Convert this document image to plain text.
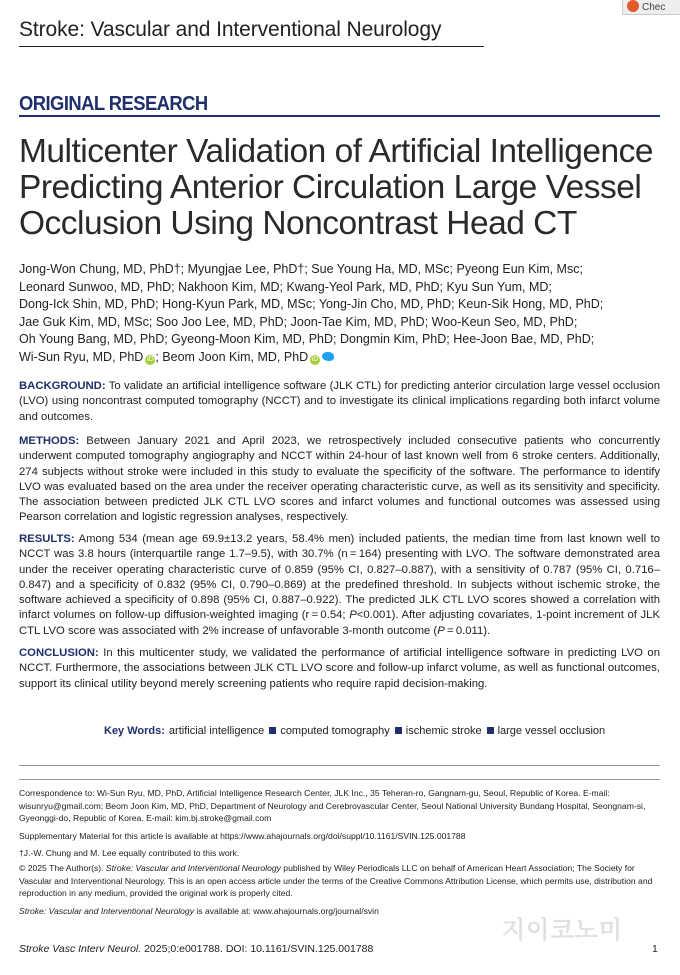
Stroke: Vascular and Interventional Neurology
Chec
ORIGINAL RESEARCH
Multicenter Validation of Artificial Intelligence Predicting Anterior Circulation Large Vessel Occlusion Using Noncontrast Head CT

Jong-Won Chung, MD, PhD†; Myungjae Lee, PhD†; Sue Young Ha, MD, MSc; Pyeong Eun Kim, Msc;
Leonard Sunwoo, MD, PhD; Nakhoon Kim, MD; Kwang-Yeol Park, MD, PhD; Kyu Sun Yum, MD;
Dong-Ick Shin, MD, PhD; Hong-Kyun Park, MD, MSc; Yong-Jin Cho, MD, PhD; Keun-Sik Hong, MD, PhD;
Jae Guk Kim, MD, MSc; Soo Joo Lee, MD, PhD; Joon-Tae Kim, MD, PhD; Woo-Keun Seo, MD, PhD;
Oh Young Bang, MD, PhD; Gyeong-Moon Kim, MD, PhD; Dongmin Kim, PhD; Hee-Joon Bae, MD, PhD;
Wi-Sun Ryu, MD, PhD iD ; Beom Joon Kim, MD, PhD iD

BACKGROUND: To validate an artificial intelligence software (JLK CTL) for predicting anterior circulation large vessel occlusion (LVO) using noncontrast computed tomography (NCCT) and to investigate its clinical implications regarding both infarct volume and outcomes.

METHODS: Between January 2021 and April 2023, we retrospectively included consecutive patients who concurrently underwent computed tomography angiography and NCCT within 24-hour of last known well from 6 stroke centers. Additionally, 274 subjects without stroke were included in this study to evaluate the specificity of the software. The performance to identify LVO was evaluated based on the area under the receiver operating characteristic curve, as well as its sensitivity and specificity. The association between predicted JLK CTL LVO scores and infarct volumes and functional outcomes was assessed using Pearson correlation and logistic regression analyses, respectively.

RESULTS: Among 534 (mean age 69.9±13.2 years, 58.4% men) included patients, the median time from last known well to NCCT was 3.8 hours (interquartile range 1.7–9.5), with 30.7% (n = 164) presenting with LVO. The software demonstrated area under the receiver operating characteristic curve of 0.859 (95% CI, 0.827–0.887), with a sensitivity of 0.787 (95% CI, 0.716–0.847) and a specificity of 0.832 (95% CI, 0.790–0.869) at the predefined threshold. In subjects without ischemic stroke, the software achieved a specificity of 0.898 (95% CI, 0.887–0.922). The predicted JLK CTL LVO scores showed a correlation with infarct volumes on follow-up diffusion-weighted imaging (r = 0.54; P<0.001). After adjusting covariates, 1-point increment of JLK CTL LVO score was associated with 2% increase of unfavorable 3-month outcome (P = 0.011).

CONCLUSION: In this multicenter study, we validated the performance of artificial intelligence software in predicting LVO on NCCT. Furthermore, the associations between JLK CTL LVO score and follow-up infarct volume, as well as functional outcomes, support its clinical utility beyond merely screening patients who require rapid decision-making.

Key Words: artificial intelligence computed tomography ischemic stroke large vessel occlusion

Correspondence to: Wi-Sun Ryu, MD, PhD, Artificial Intelligence Research Center, JLK Inc., 35 Teheran-ro, Gangnam-gu, Seoul, Republic of Korea. E-mail: wisunryu@gmail.com; Beom Joon Kim, MD, PhD, Department of Neurology and Cerebrovascular Center, Seoul National University Bundang Hospital, Seongnam-si, Gyeonggi-do, Republic of Korea. E-mail: kim.bj.stroke@gmail.com

Supplementary Material for this article is available at https://www.ahajournals.org/doi/suppl/10.1161/SVIN.125.001788

†J.-W. Chung and M. Lee equally contributed to this work.

© 2025 The Author(s). Stroke: Vascular and Interventional Neurology published by Wiley Periodicals LLC on behalf of American Heart Association; The Society for Vascular and Interventional Neurology. This is an open access article under the terms of the Creative Commons Attribution License, which permits use, distribution and reproduction in any medium, provided the original work is properly cited.

Stroke: Vascular and Interventional Neurology is available at: www.ahajournals.org/journal/svin

지이코노미
Stroke Vasc Interv Neurol. 2025;0:e001788. DOI: 10.1161/SVIN.125.001788	1
